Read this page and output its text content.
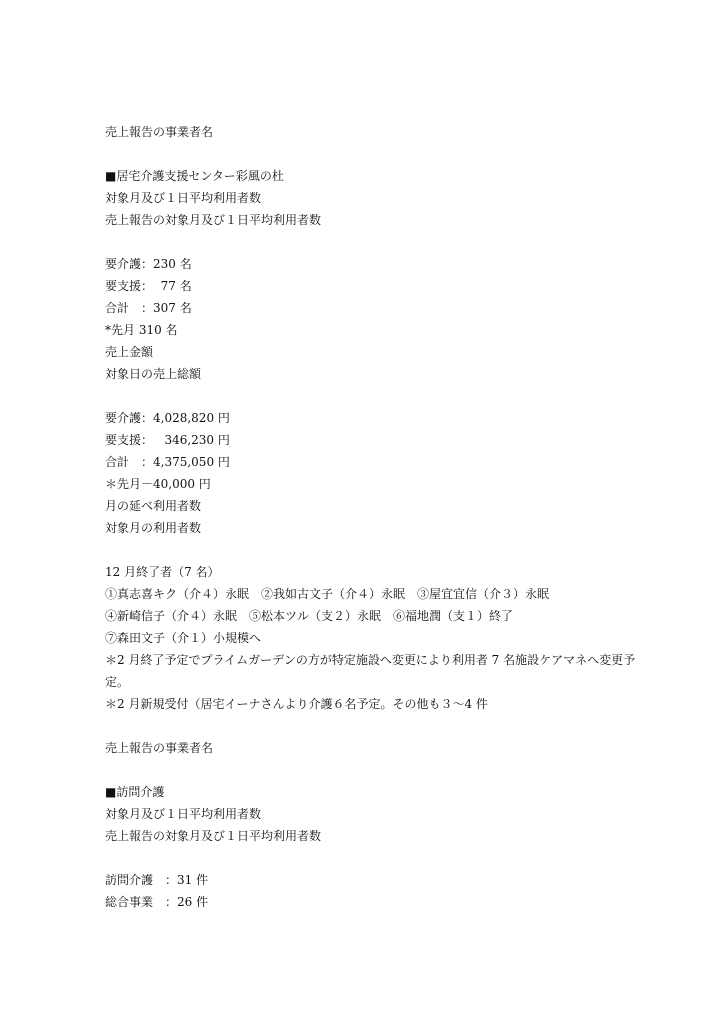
売上報告の事業者名
■居宅介護支援センター彩風の杜
対象月及び１日平均利用者数
売上報告の対象月及び１日平均利用者数
要介護：230 名
要支援：  77 名
合計　：307 名
*先月 310 名
売上金額
対象日の売上総額
要介護：4,028,820 円
要支援：   346,230 円
合計　：4,375,050 円
＊先月－40,000 円
月の延べ利用者数
対象月の利用者数
12 月終了者（7 名）
①真志喜キク（介４）永眠　②我如古文子（介４）永眠　③屋宜宜信（介３）永眠
④新崎信子（介４）永眠　⑤松本ツル（支２）永眠　⑥福地潤（支１）終了
⑦森田文子（介１）小規模へ
＊2 月終了予定でプライムガーデンの方が特定施設へ変更により利用者 7 名施設ケアマネへ変更予定。
＊2 月新規受付（居宅イーナさんより介護６名予定。その他も３～4 件
売上報告の事業者名
■訪問介護
対象月及び１日平均利用者数
売上報告の対象月及び１日平均利用者数
訪問介護　：31 件
総合事業　：26 件
